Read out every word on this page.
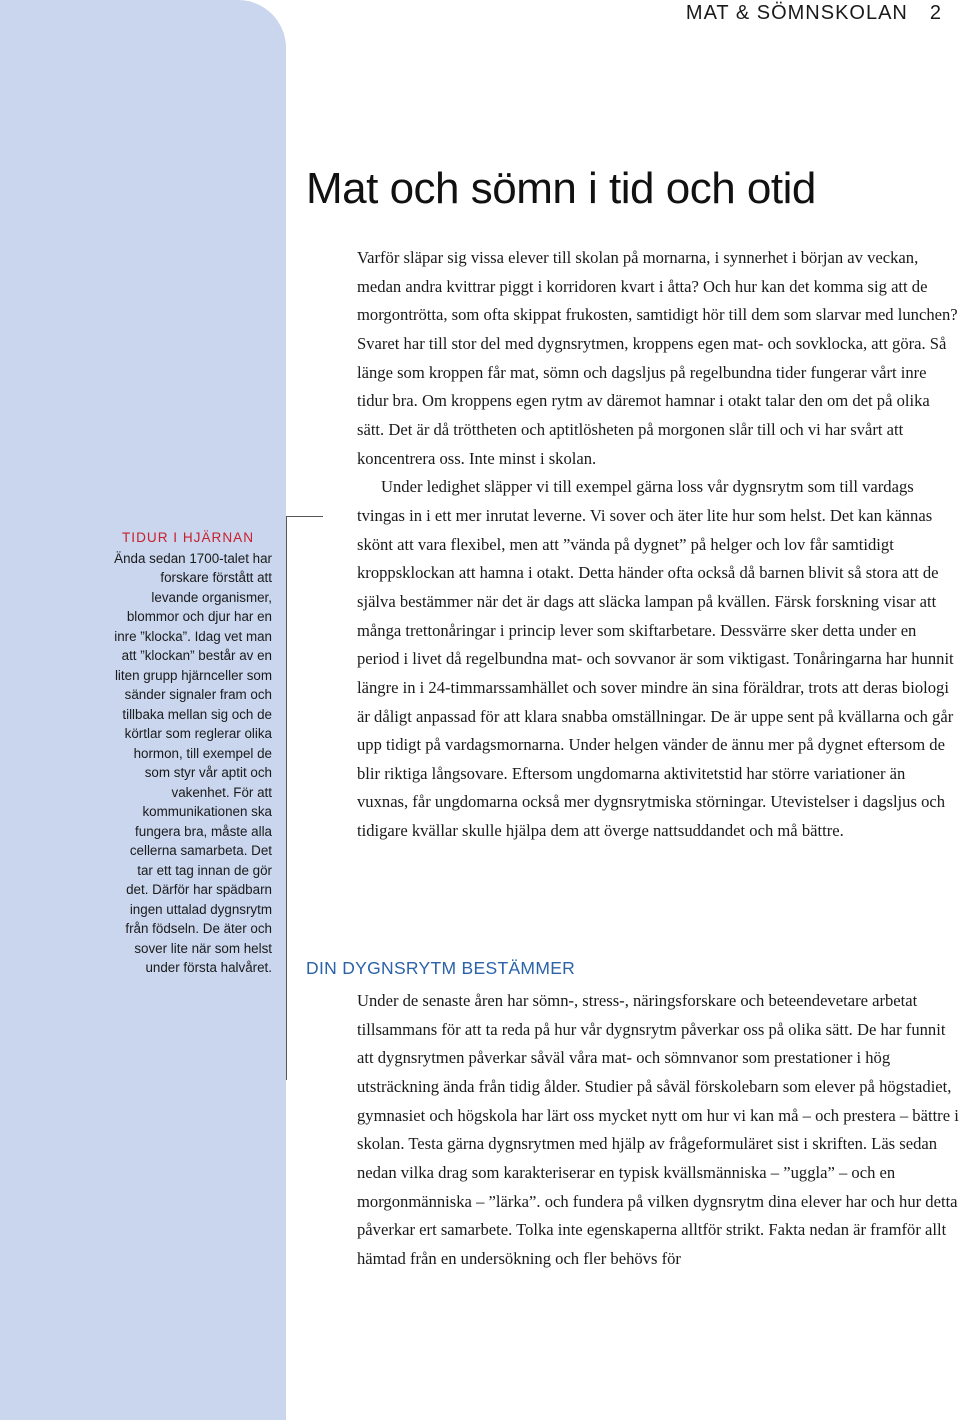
MAT & SÖMNSKOLAN 2
Mat och sömn i tid och otid

Varför släpar sig vissa elever till skolan på mornarna, i synnerhet i början av veckan, medan andra kvittrar piggt i korridoren kvart i åtta? Och hur kan det komma sig att de morgontrötta, som ofta skippat frukosten, samtidigt hör till dem som slarvar med lunchen? Svaret har till stor del med dygnsrytmen, kroppens egen mat- och sovklocka, att göra. Så länge som kroppen får mat, sömn och dagsljus på regelbundna tider fungerar vårt inre tidur bra. Om kroppens egen rytm av däremot hamnar i otakt talar den om det på olika sätt. Det är då tröttheten och aptitlösheten på morgonen slår till och vi har svårt att koncentrera oss. Inte minst i skolan.

Under ledighet släpper vi till exempel gärna loss vår dygnsrytm som till vardags tvingas in i ett mer inrutat leverne. Vi sover och äter lite hur som helst. Det kan kännas skönt att vara flexibel, men att ”vända på dygnet” på helger och lov får samtidigt kroppsklockan att hamna i otakt. Detta händer ofta också då barnen blivit så stora att de själva bestämmer när det är dags att släcka lampan på kvällen. Färsk forskning visar att många trettonåringar i princip lever som skiftarbetare. Dessvärre sker detta under en period i livet då regelbundna mat- och sovvanor är som viktigast. Tonåringarna har hunnit längre in i 24-timmarssamhället och sover mindre än sina föräldrar, trots att deras biologi är dåligt anpassad för att klara snabba omställningar. De är uppe sent på kvällarna och går upp tidigt på vardagsmornarna. Under helgen vänder de ännu mer på dygnet eftersom de blir riktiga långsovare. Eftersom ungdomarna aktivitetstid har större variationer än vuxnas, får ungdomarna också mer dygnsrytmiska störningar. Utevistelser i dagsljus och tidigare kvällar skulle hjälpa dem att överge nattsuddandet och må bättre.

DIN DYGNSRYTM BESTÄMMER

Under de senaste åren har sömn-, stress-, näringsforskare och beteendevetare arbetat tillsammans för att ta reda på hur vår dygnsrytm påverkar oss på olika sätt. De har funnit att dygnsrytmen påverkar såväl våra mat- och sömnvanor som prestationer i hög utsträckning ända från tidig ålder. Studier på såväl förskolebarn som elever på högstadiet, gymnasiet och högskola har lärt oss mycket nytt om hur vi kan må – och prestera – bättre i skolan. Testa gärna dygnsrytmen med hjälp av frågeformuläret sist i skriften. Läs sedan nedan vilka drag som karakteriserar en typisk kvällsmänniska – ”uggla” – och en morgonmänniska – ”lärka”. och fundera på vilken dygnsrytm dina elever har och hur detta påverkar ert samarbete. Tolka inte egenskaperna alltför strikt. Fakta nedan är framför allt hämtad från en undersökning och fler behövs för

TIDUR I HJÄRNAN

Ända sedan 1700-talet har forskare förstått att levande organismer, blommor och djur har en inre ”klocka”. Idag vet man att ”klockan” består av en liten grupp hjärnceller som sänder signaler fram och tillbaka mellan sig och de körtlar som reglerar olika hormon, till exempel de som styr vår aptit och vakenhet. För att kommunikationen ska fungera bra, måste alla cellerna samarbeta. Det tar ett tag innan de gör det. Därför har spädbarn ingen uttalad dygnsrytm från födseln. De äter och sover lite när som helst under första halvåret.
